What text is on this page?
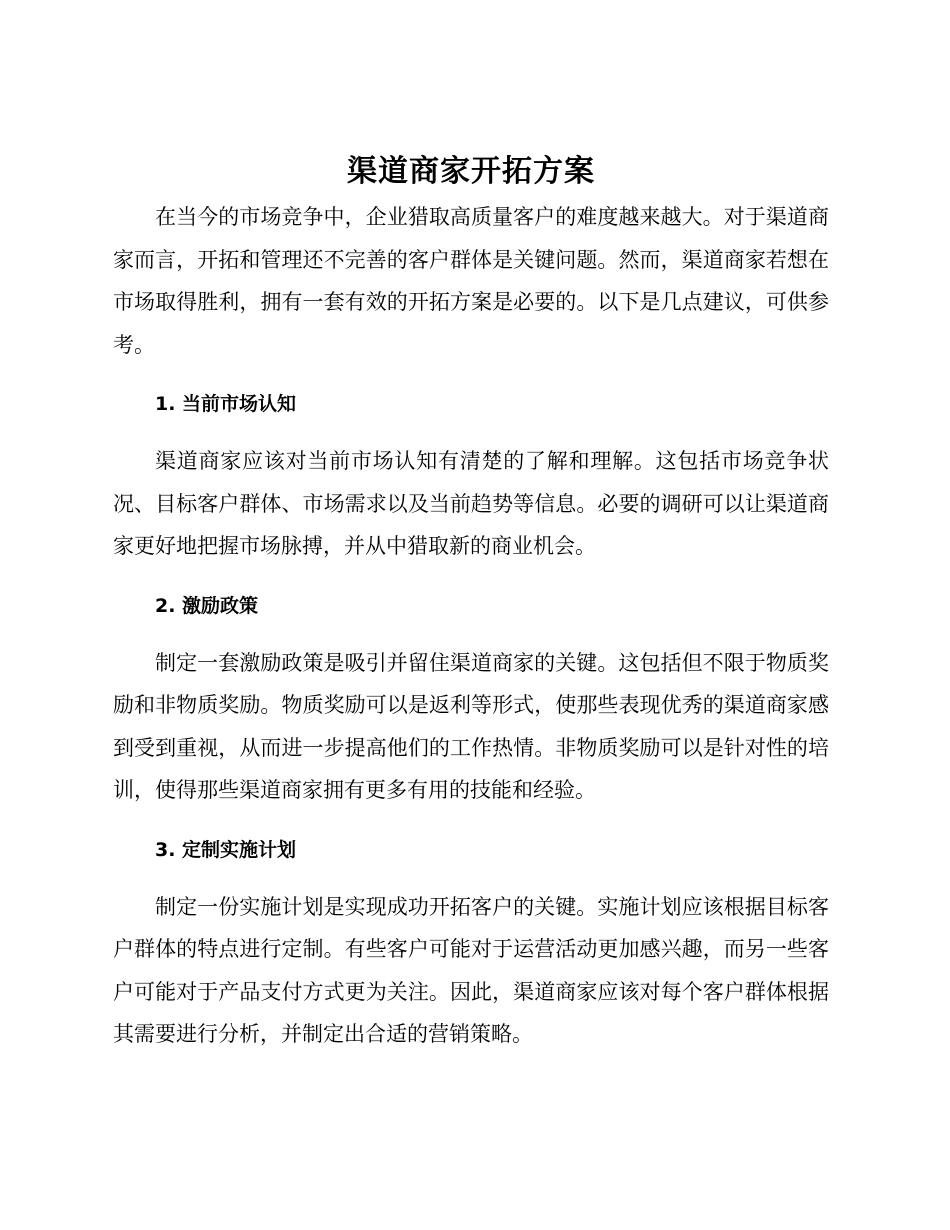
渠道商家开拓方案

在当今的市场竞争中，企业猎取高质量客户的难度越来越大。对于渠道商家而言，开拓和管理还不完善的客户群体是关键问题。然而，渠道商家若想在市场取得胜利，拥有一套有效的开拓方案是必要的。以下是几点建议，可供参考。

1. 当前市场认知

渠道商家应该对当前市场认知有清楚的了解和理解。这包括市场竞争状况、目标客户群体、市场需求以及当前趋势等信息。必要的调研可以让渠道商家更好地把握市场脉搏，并从中猎取新的商业机会。

2. 激励政策

制定一套激励政策是吸引并留住渠道商家的关键。这包括但不限于物质奖励和非物质奖励。物质奖励可以是返利等形式，使那些表现优秀的渠道商家感到受到重视，从而进一步提高他们的工作热情。非物质奖励可以是针对性的培训，使得那些渠道商家拥有更多有用的技能和经验。

3. 定制实施计划

制定一份实施计划是实现成功开拓客户的关键。实施计划应该根据目标客户群体的特点进行定制。有些客户可能对于运营活动更加感兴趣，而另一些客户可能对于产品支付方式更为关注。因此，渠道商家应该对每个客户群体根据其需要进行分析，并制定出合适的营销策略。
